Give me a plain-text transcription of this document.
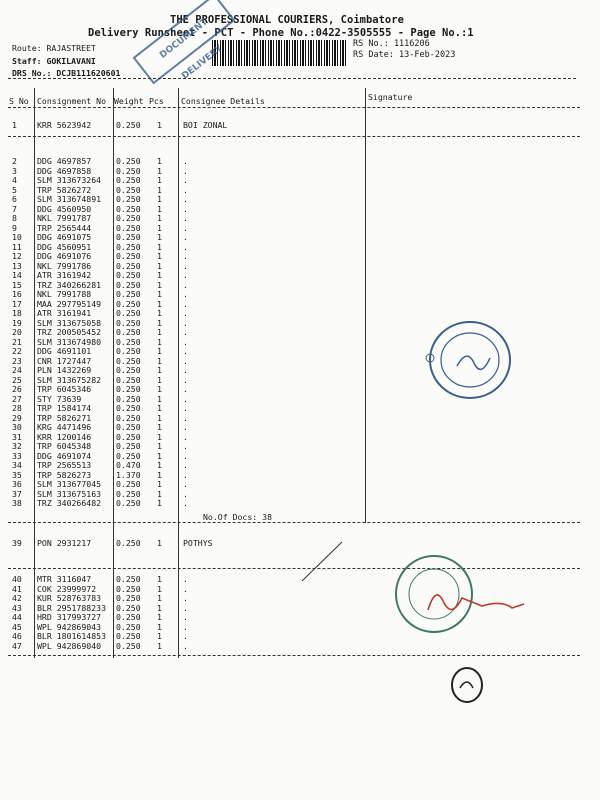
THE PROFESSIONAL COURIERS, Coimbatore
Delivery Runsheet - PCT - Phone No.:0422-3505555 - Page No.:1
Route: RAJASTREET
Staff: GOKILAVANI
DRS No.: DCJB111620601
RS No.: 1116206
RS Date: 13-Feb-2023
DOCUMENT DELIVERY
S No Consignment No Weight Pcs Consignee Details	Signature
1 KRR 5623942	0.250 1	BOI ZONAL
2 DDG 4697857	0.250 1	.
3 DDG 4697858	0.250 1	.
4 SLM 313673264 0.250 1	.
5 TRP 5826272	0.250 1	.
6 SLM 313674891 0.250 1	.
7 DDG 4560950	0.250 1	.
8 NKL 7991787	0.250 1	.
9 TRP 2565444	0.250 1	.
10 DDG 4691075	0.250 1	.
11 DDG 4560951	0.250 1	.
12 DDG 4691076	0.250 1	.
13 NKL 7991786	0.250 1	.
14 ATR 3161942	0.250 1	.
15 TRZ 340266281 0.250 1	.
16 NKL 7991788	0.250 1	.
17 MAA 297795149 0.250 1	.
18 ATR 3161941	0.250 1	.
19 SLM 313675058 0.250 1	.
20 TRZ 200505452 0.250 1	.
21 SLM 313674980 0.250 1	.
22 DDG 4691101	0.250 1	.
23 CNR 1727447	0.250 1	.
24 PLN 1432269	0.250 1	.
25 SLM 313675282 0.250 1	.
26 TRP 6045346	0.250 1	.
27 STY 73639	0.250 1	.
28 TRP 1584174	0.250 1	.
29 TRP 5826271	0.250 1	.
30 KRG 4471496	0.250 1	.
31 KRR 1200146	0.250 1	.
32 TRP 6045348	0.250 1	.
33 DDG 4691074	0.250 1	.
34 TRP 2565513	0.470 1	.
35 TRP 5826273	1.370 1	.
36 SLM 313677045 0.250 1	.
37 SLM 313675163 0.250 1	.
38 TRZ 340266482 0.250 1	.
No.Of Docs: 38
39 PON 2931217	0.250 1	POTHYS
40 MTR 3116047	0.250 1	.
41 COK 23999972 0.250 1	.
42 KUR 528763783 0.250 1	.
43 BLR 2951788233 0.250 1	.
44 HRD 317993727 0.250 1	.
45 WPL 942869043 0.250 1	.
46 BLR 1801614853 0.250 1	.
47 WPL 942869040 0.250 1	.
